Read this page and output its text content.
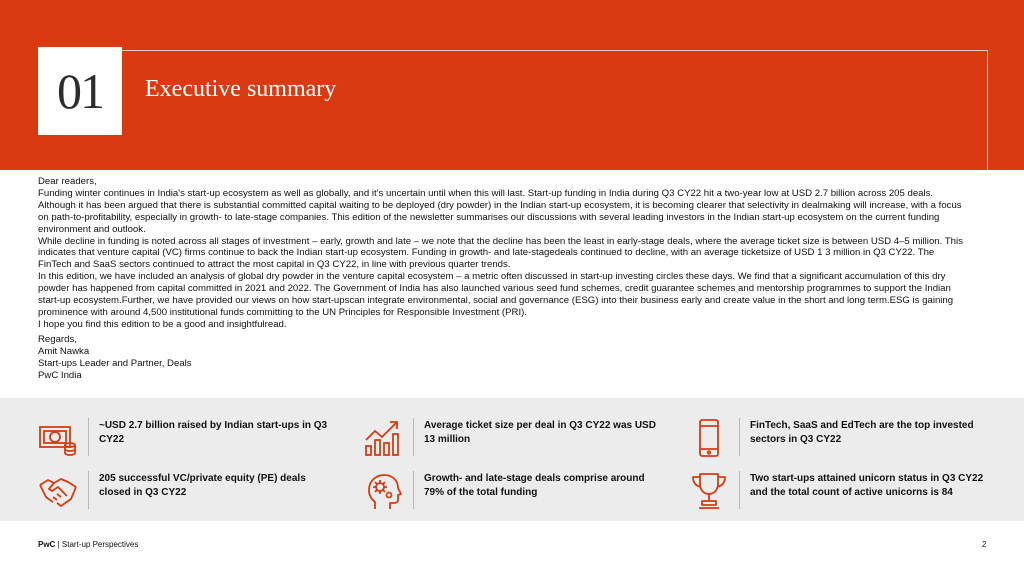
01 Executive summary

Dear readers,

Funding winter continues in India's start-up ecosystem as well as globally, and it's uncertain until when this will last. Start-up funding in India during Q3 CY22 hit a two-year low at USD 2.7 billion across 205 deals. Although it has been argued that there is substantial committed capital waiting to be deployed (dry powder) in the Indian start-up ecosystem, it is becoming clearer that selectivity in dealmaking will increase, with a focus on path-to-profitability, especially in growth- to late-stage companies. This edition of the newsletter summarises our discussions with several leading investors in the Indian start-up ecosystem on the current funding environment and outlook.

While decline in funding is noted across all stages of investment – early, growth and late – we note that the decline has been the least in early-stage deals, where the average ticket size is between USD 4–5 million. This indicates that venture capital (VC) firms continue to back the Indian start-up ecosystem. Funding in growth- and late-stagedeals continued to decline, with an average ticketsize of USD 1 3 million in Q3 CY22. The FinTech and SaaS sectors continued to attract the most capital in Q3 CY22, in line with previous quarter trends.

In this edition, we have included an analysis of global dry powder in the venture capital ecosystem – a metric often discussed in start-up investing circles these days. We find that a significant accumulation of this dry powder has happened from capital committed in 2021 and 2022. The Government of India has also launched various seed fund schemes, credit guarantee schemes and mentorship programmes to support the Indian start-up ecosystem.Further, we have provided our views on how start-upscan integrate environmental, social and governance (ESG) into their business early and create value in the short and long term.ESG is gaining prominence with around 4,500 institutional funds committing to the UN Principles for Responsible Investment (PRI).

I hope you find this edition to be a good and insightfulread.

Regards,

Amit Nawka

Start-ups Leader and Partner, Deals

PwC India

~USD 2.7 billion raised by Indian start-ups in Q3 CY22
Average ticket size per deal in Q3 CY22 was USD 13 million
FinTech, SaaS and EdTech are the top invested sectors in Q3 CY22
205 successful VC/private equity (PE) deals closed in Q3 CY22
Growth- and late-stage deals comprise around 79% of the total funding
Two start-ups attained unicorn status in Q3 CY22 and the total count of active unicorns is 84
PwC | Start-up Perspectives	2
